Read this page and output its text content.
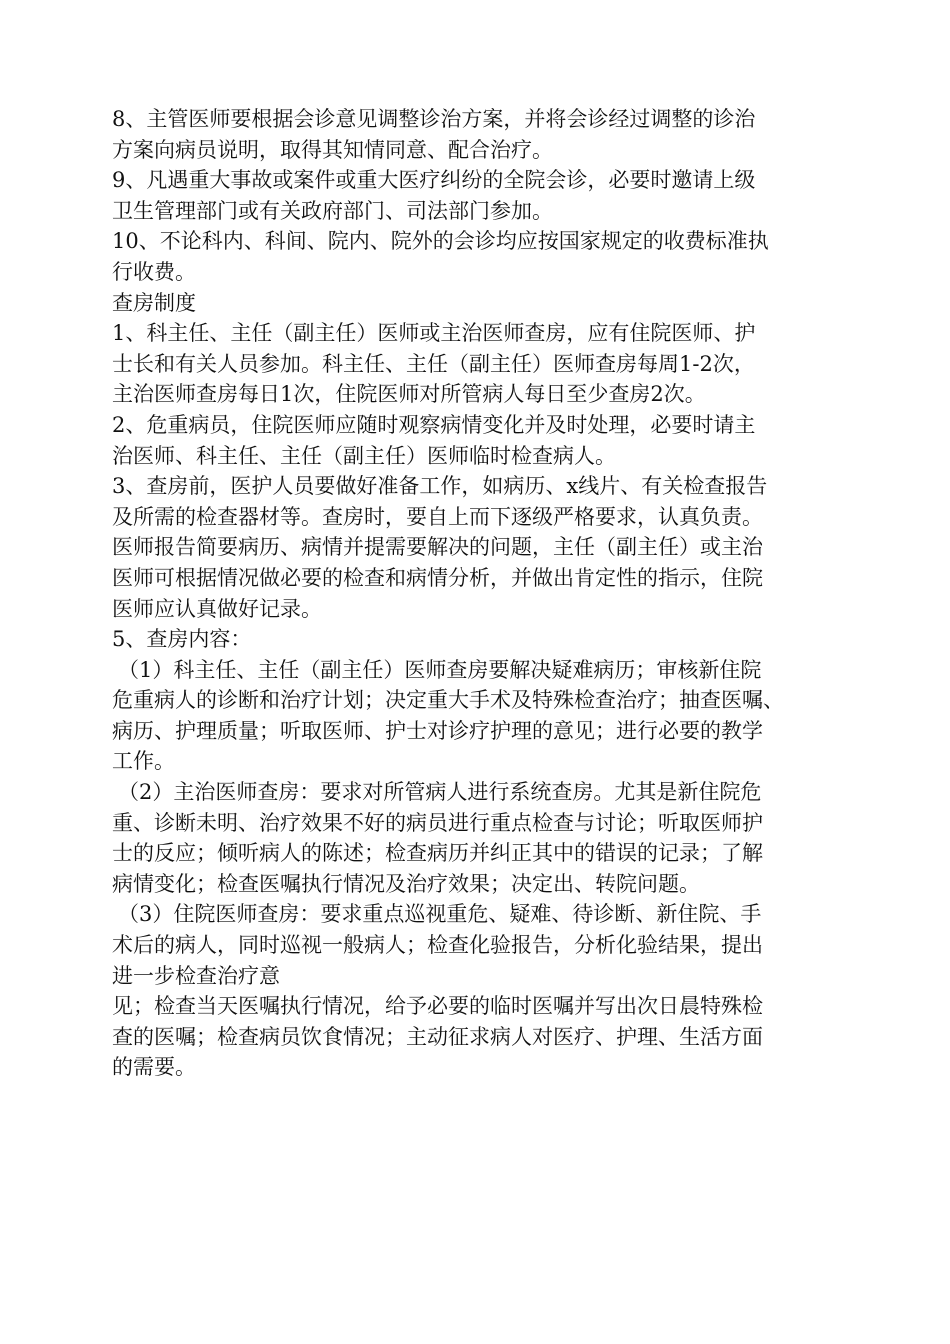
8、主管医师要根据会诊意见调整诊治方案，并将会诊经过调整的诊治
方案向病员说明，取得其知情同意、配合治疗。
9、凡遇重大事故或案件或重大医疗纠纷的全院会诊，必要时邀请上级
卫生管理部门或有关政府部门、司法部门参加。
10、不论科内、科间、院内、院外的会诊均应按国家规定的收费标准执
行收费。
查房制度
1、科主任、主任（副主任）医师或主治医师查房，应有住院医师、护
士长和有关人员参加。科主任、主任（副主任）医师查房每周1-2次，
主治医师查房每日1次，住院医师对所管病人每日至少查房2次。
2、危重病员，住院医师应随时观察病情变化并及时处理，必要时请主
治医师、科主任、主任（副主任）医师临时检查病人。
3、查房前，医护人员要做好准备工作，如病历、x线片、有关检查报告
及所需的检查器材等。查房时，要自上而下逐级严格要求，认真负责。
医师报告简要病历、病情并提需要解决的问题，主任（副主任）或主治
医师可根据情况做必要的检查和病情分析，并做出肯定性的指示，住院
医师应认真做好记录。
5、查房内容：
（1）科主任、主任（副主任）医师查房要解决疑难病历；审核新住院
危重病人的诊断和治疗计划；决定重大手术及特殊检查治疗；抽查医嘱、
病历、护理质量；听取医师、护士对诊疗护理的意见；进行必要的教学
工作。
（2）主治医师查房：要求对所管病人进行系统查房。尤其是新住院危
重、诊断未明、治疗效果不好的病员进行重点检查与讨论；听取医师护
士的反应；倾听病人的陈述；检查病历并纠正其中的错误的记录；了解
病情变化；检查医嘱执行情况及治疗效果；决定出、转院问题。
（3）住院医师查房：要求重点巡视重危、疑难、待诊断、新住院、手
术后的病人，同时巡视一般病人；检查化验报告，分析化验结果，提出
进一步检查治疗意
见；检查当天医嘱执行情况，给予必要的临时医嘱并写出次日晨特殊检
查的医嘱；检查病员饮食情况；主动征求病人对医疗、护理、生活方面
的需要。
